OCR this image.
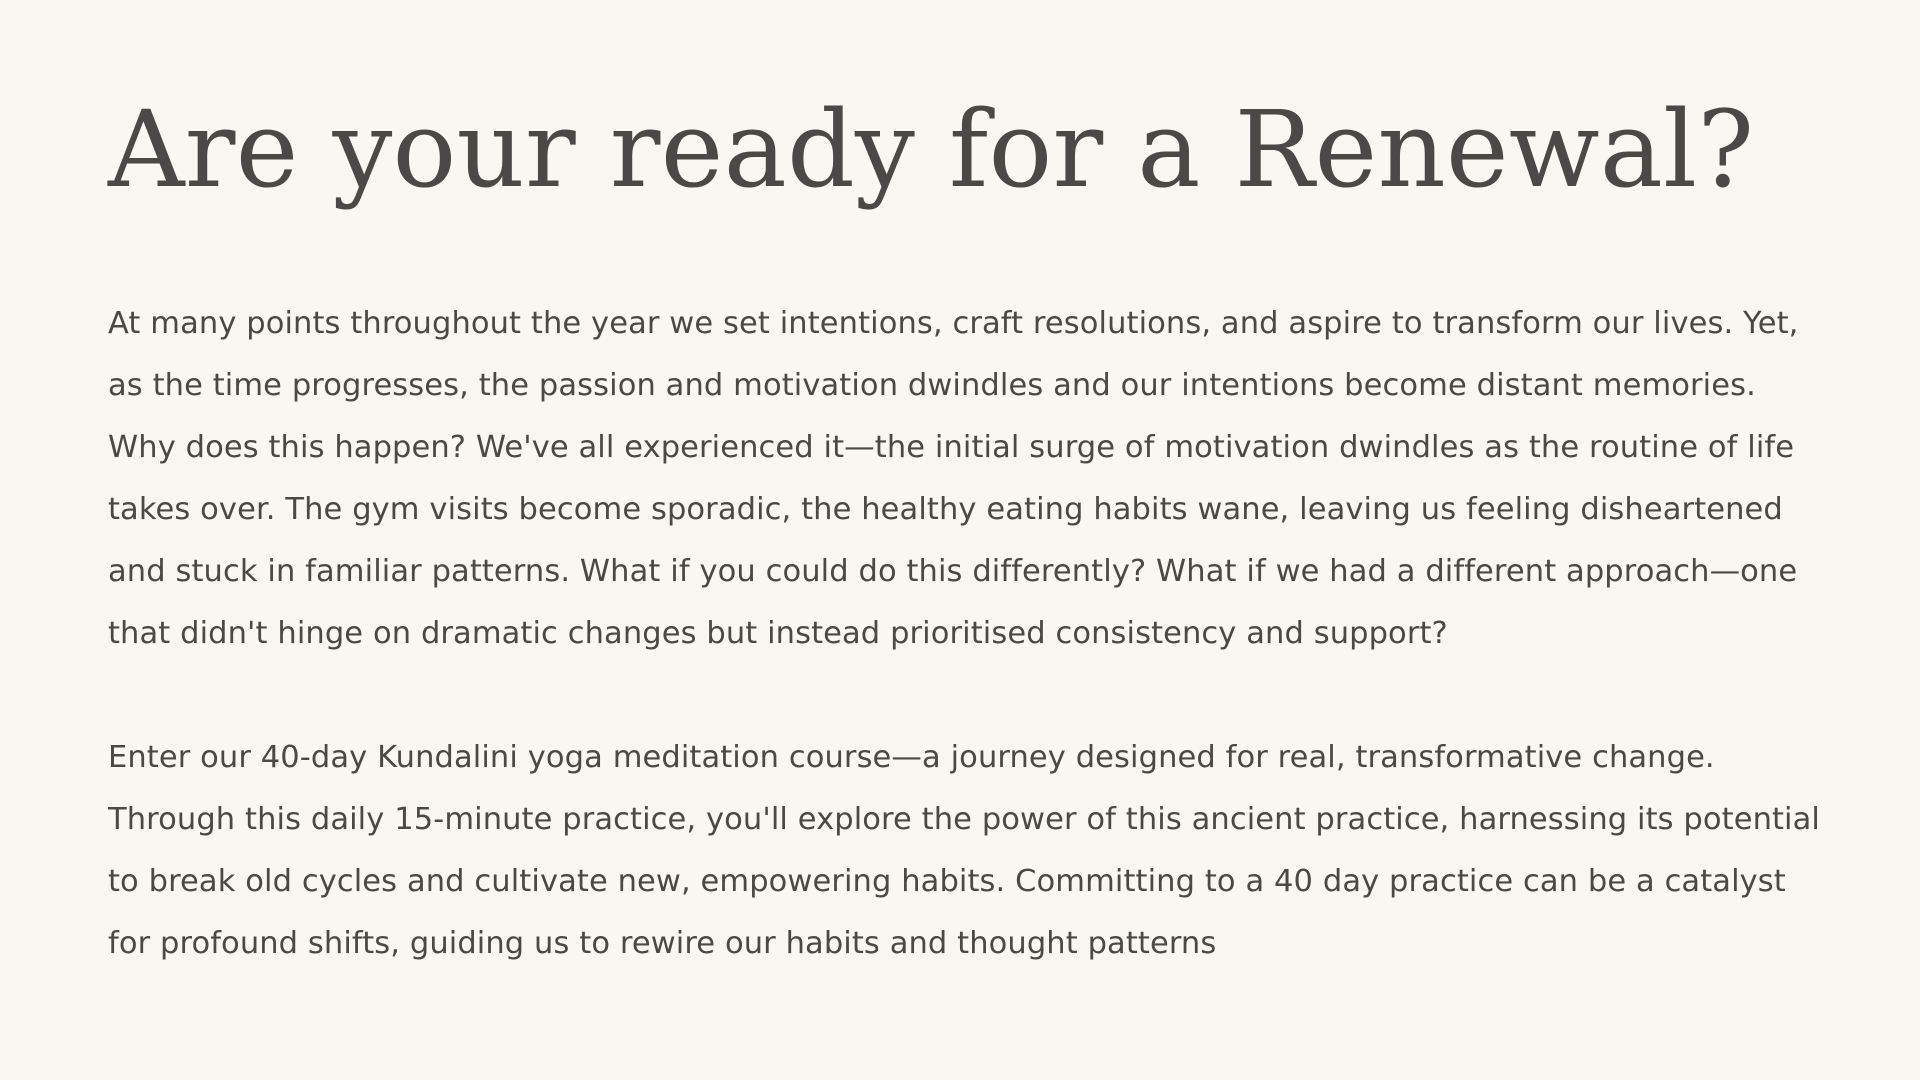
Are your ready for a Renewal?

At many points throughout the year we set intentions, craft resolutions, and aspire to transform our lives. Yet, as the time progresses, the passion and motivation dwindles and our intentions become distant memories. Why does this happen? We've all experienced it—the initial surge of motivation dwindles as the routine of life takes over. The gym visits become sporadic, the healthy eating habits wane, leaving us feeling disheartened and stuck in familiar patterns. What if you could do this differently? What if we had a different approach—one that didn't hinge on dramatic changes but instead prioritised consistency and support?

Enter our 40-day Kundalini yoga meditation course—a journey designed for real, transformative change.

Through this daily 15-minute practice, you'll explore the power of this ancient practice, harnessing its potential to break old cycles and cultivate new, empowering habits. Committing to a 40 day practice can be a catalyst for profound shifts, guiding us to rewire our habits and thought patterns
